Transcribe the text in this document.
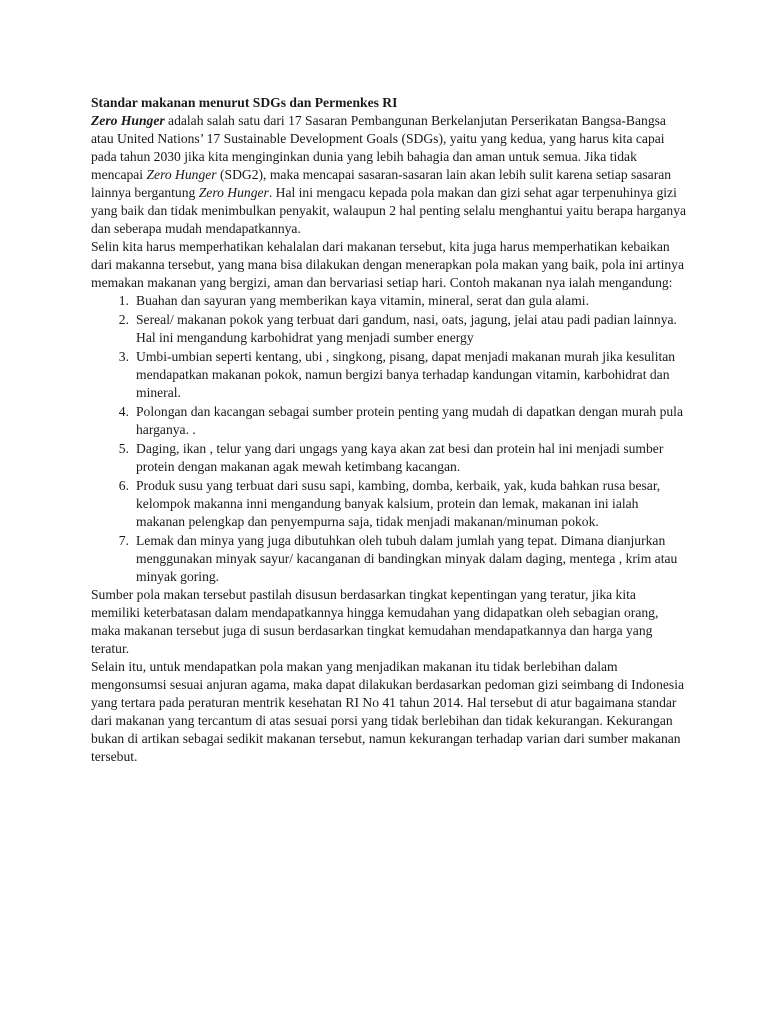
Standar makanan menurut SDGs dan Permenkes RI

Zero Hunger adalah salah satu dari 17 Sasaran Pembangunan Berkelanjutan Perserikatan Bangsa-Bangsa atau United Nations’ 17 Sustainable Development Goals (SDGs), yaitu yang kedua, yang harus kita capai pada tahun 2030 jika kita menginginkan dunia yang lebih bahagia dan aman untuk semua. Jika tidak mencapai Zero Hunger (SDG2), maka mencapai sasaran-sasaran lain akan lebih sulit karena setiap sasaran lainnya bergantung Zero Hunger. Hal ini mengacu kepada pola makan dan gizi sehat agar terpenuhinya gizi yang baik dan tidak menimbulkan penyakit, walaupun 2 hal penting selalu menghantui yaitu berapa harganya dan seberapa mudah mendapatkannya.

Selin kita harus memperhatikan kehalalan dari makanan tersebut, kita juga harus memperhatikan kebaikan dari makanna tersebut, yang mana bisa dilakukan dengan menerapkan pola makan yang baik, pola ini artinya memakan makanan yang bergizi, aman dan bervariasi setiap hari. Contoh makanan nya ialah mengandung:

1. Buahan dan sayuran yang memberikan kaya vitamin, mineral, serat dan gula alami.
2. Sereal/ makanan pokok yang terbuat dari gandum, nasi, oats, jagung, jelai atau padi padian lainnya. Hal ini mengandung karbohidrat yang menjadi sumber energy
3. Umbi-umbian seperti kentang, ubi , singkong, pisang, dapat menjadi makanan murah jika kesulitan mendapatkan makanan pokok, namun bergizi banya terhadap kandungan vitamin, karbohidrat dan mineral.
4. Polongan dan kacangan sebagai sumber protein penting yang mudah di dapatkan dengan murah pula harganya. .
5. Daging, ikan , telur yang dari ungags yang kaya akan zat besi dan protein hal ini menjadi sumber protein dengan makanan agak mewah ketimbang kacangan.
6. Produk susu yang terbuat dari susu sapi, kambing, domba, kerbaik, yak, kuda bahkan rusa besar, kelompok makanna inni mengandung banyak kalsium, protein dan lemak, makanan ini ialah makanan pelengkap dan penyempurna saja, tidak menjadi makanan/minuman pokok.
7. Lemak dan minya yang juga dibutuhkan oleh tubuh dalam jumlah yang tepat. Dimana dianjurkan menggunakan minyak sayur/ kacanganan di bandingkan minyak dalam daging, mentega , krim atau minyak goring.

Sumber pola makan tersebut pastilah disusun berdasarkan tingkat kepentingan yang teratur, jika kita memiliki keterbatasan dalam mendapatkannya hingga kemudahan yang didapatkan oleh sebagian orang, maka makanan tersebut juga di susun berdasarkan tingkat kemudahan mendapatkannya dan harga yang teratur.

Selain itu, untuk mendapatkan pola makan yang menjadikan makanan itu tidak berlebihan dalam mengonsumsi sesuai anjuran agama, maka dapat dilakukan berdasarkan pedoman gizi seimbang di Indonesia yang tertara pada peraturan mentrik kesehatan RI No 41 tahun 2014. Hal tersebut di atur bagaimana standar dari makanan yang tercantum di atas sesuai porsi yang tidak berlebihan dan tidak kekurangan. Kekurangan bukan di artikan sebagai sedikit makanan tersebut, namun kekurangan terhadap varian dari sumber makanan tersebut.
